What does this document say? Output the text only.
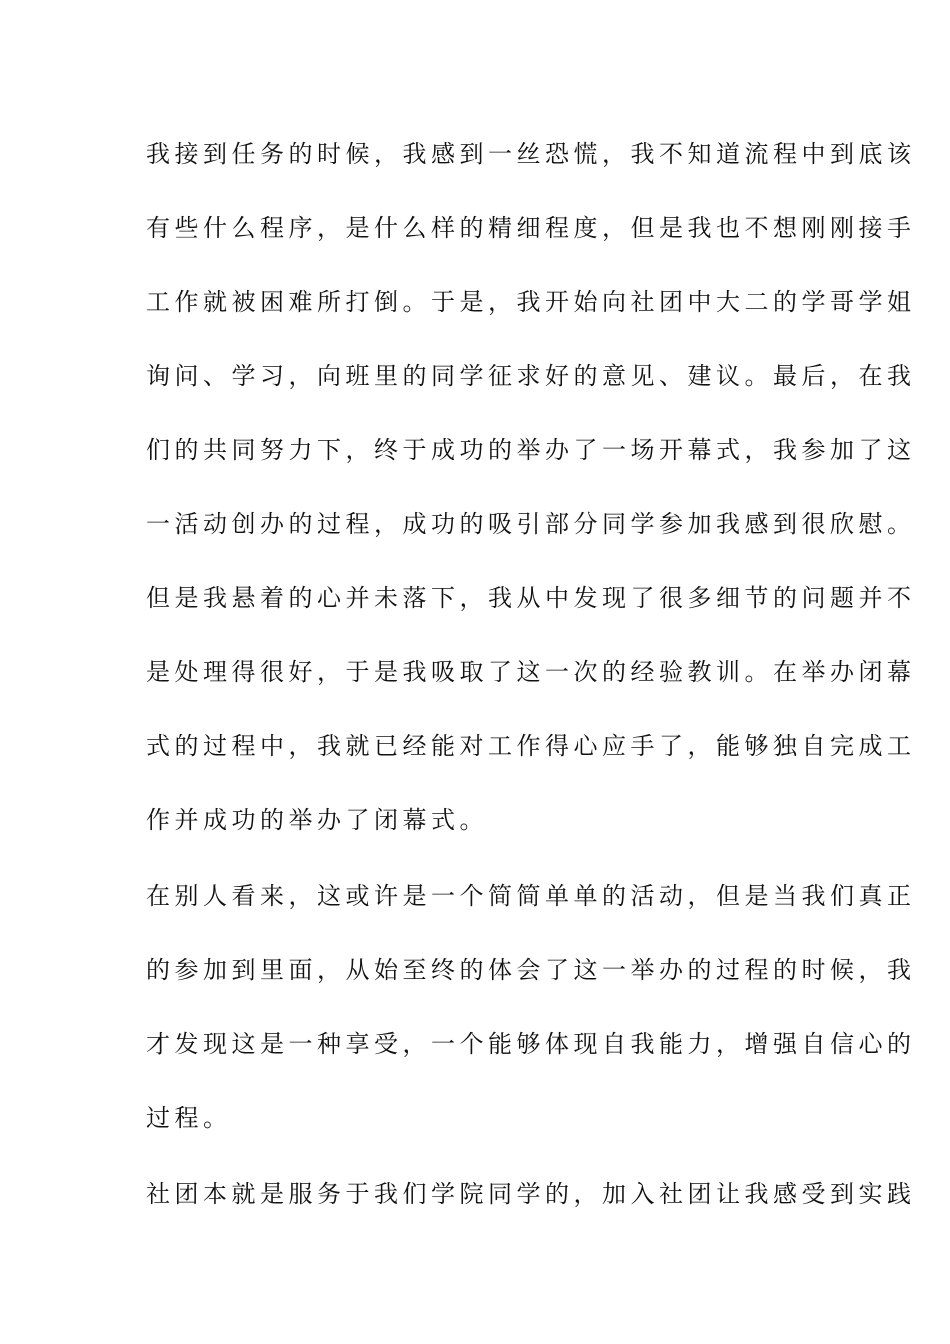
我接到任务的时候，我感到一丝恐慌，我不知道流程中到底该
有些什么程序，是什么样的精细程度，但是我也不想刚刚接手
工作就被困难所打倒。于是，我开始向社团中大二的学哥学姐
询问、学习，向班里的同学征求好的意见、建议。最后，在我
们的共同努力下，终于成功的举办了一场开幕式，我参加了这
一活动创办的过程，成功的吸引部分同学参加我感到很欣慰。
但是我悬着的心并未落下，我从中发现了很多细节的问题并不
是处理得很好，于是我吸取了这一次的经验教训。在举办闭幕
式的过程中，我就已经能对工作得心应手了，能够独自完成工
作并成功的举办了闭幕式。
在别人看来，这或许是一个简简单单的活动，但是当我们真正
的参加到里面，从始至终的体会了这一举办的过程的时候，我
才发现这是一种享受，一个能够体现自我能力，增强自信心的
过程。
社团本就是服务于我们学院同学的，加入社团让我感受到实践
